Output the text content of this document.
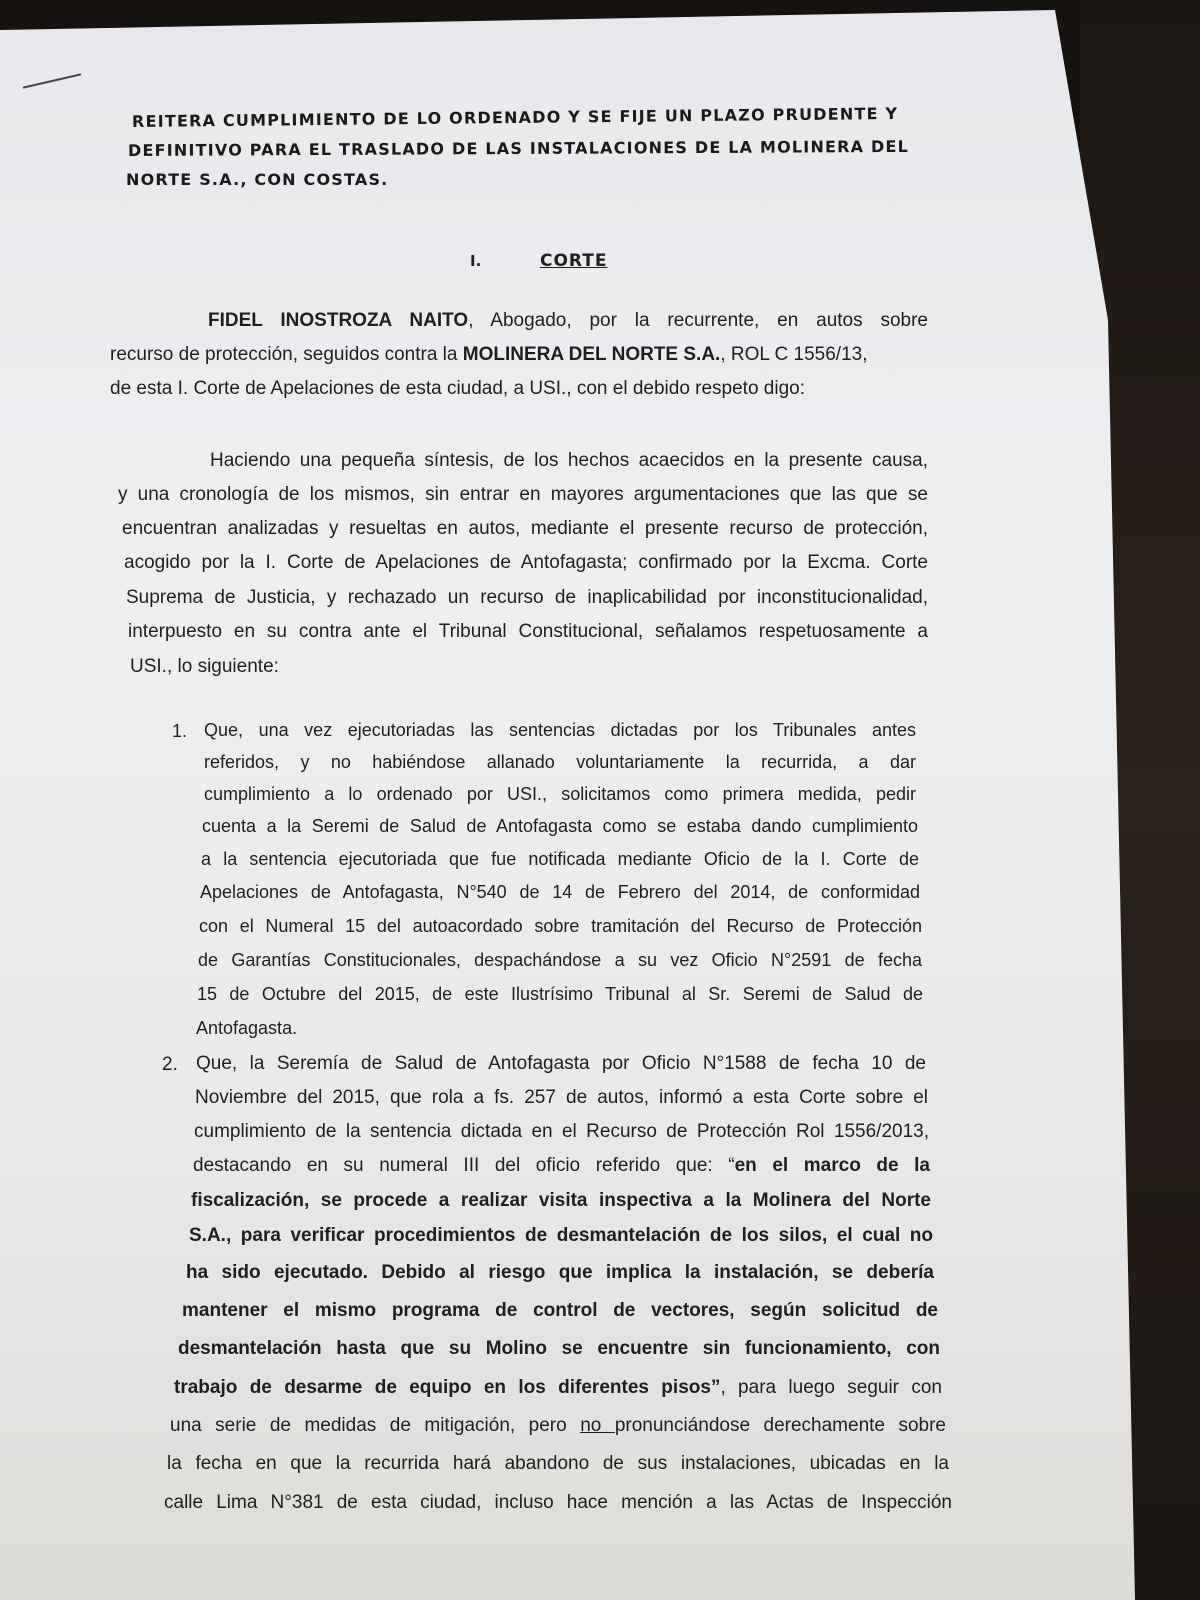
REITERA CUMPLIMIENTO DE LO ORDENADO Y SE FIJE UN PLAZO PRUDENTE Y
DEFINITIVO PARA EL TRASLADO DE LAS INSTALACIONES DE LA MOLINERA DEL
NORTE S.A., CON COSTAS.
I.	CORTE
FIDEL INOSTROZA NAITO, Abogado, por la recurrente, en autos sobre
recurso de protección, seguidos contra la MOLINERA DEL NORTE S.A., ROL C 1556/13,
de esta I. Corte de Apelaciones de esta ciudad, a USI., con el debido respeto digo:
Haciendo una pequeña síntesis, de los hechos acaecidos en la presente causa,
y una cronología de los mismos, sin entrar en mayores argumentaciones que las que se
encuentran analizadas y resueltas en autos, mediante el presente recurso de protección,
acogido por la I. Corte de Apelaciones de Antofagasta; confirmado por la Excma. Corte
Suprema de Justicia, y rechazado un recurso de inaplicabilidad por inconstitucionalidad,
interpuesto en su contra ante el Tribunal Constitucional, señalamos respetuosamente a
USI., lo siguiente:
1. Que, una vez ejecutoriadas las sentencias dictadas por los Tribunales antes
referidos, y no habiéndose allanado voluntariamente la recurrida, a dar
cumplimiento a lo ordenado por USI., solicitamos como primera medida, pedir
cuenta a la Seremi de Salud de Antofagasta como se estaba dando cumplimiento
a la sentencia ejecutoriada que fue notificada mediante Oficio de la I. Corte de
Apelaciones de Antofagasta, N°540 de 14 de Febrero del 2014, de conformidad
con el Numeral 15 del autoacordado sobre tramitación del Recurso de Protección
de Garantías Constitucionales, despachándose a su vez Oficio N°2591 de fecha
15 de Octubre del 2015, de este Ilustrísimo Tribunal al Sr. Seremi de Salud de
Antofagasta.
2. Que, la Seremía de Salud de Antofagasta por Oficio N°1588 de fecha 10 de
Noviembre del 2015, que rola a fs. 257 de autos, informó a esta Corte sobre el
cumplimiento de la sentencia dictada en el Recurso de Protección Rol 1556/2013,
destacando en su numeral III del oficio referido que: “en el marco de la
fiscalización, se procede a realizar visita inspectiva a la Molinera del Norte
S.A., para verificar procedimientos de desmantelación de los silos, el cual no
ha sido ejecutado. Debido al riesgo que implica la instalación, se debería
mantener el mismo programa de control de vectores, según solicitud de
desmantelación hasta que su Molino se encuentre sin funcionamiento, con
trabajo de desarme de equipo en los diferentes pisos”, para luego seguir con
una serie de medidas de mitigación, pero no pronunciándose derechamente sobre
la fecha en que la recurrida hará abandono de sus instalaciones, ubicadas en la
calle Lima N°381 de esta ciudad, incluso hace mención a las Actas de Inspección
